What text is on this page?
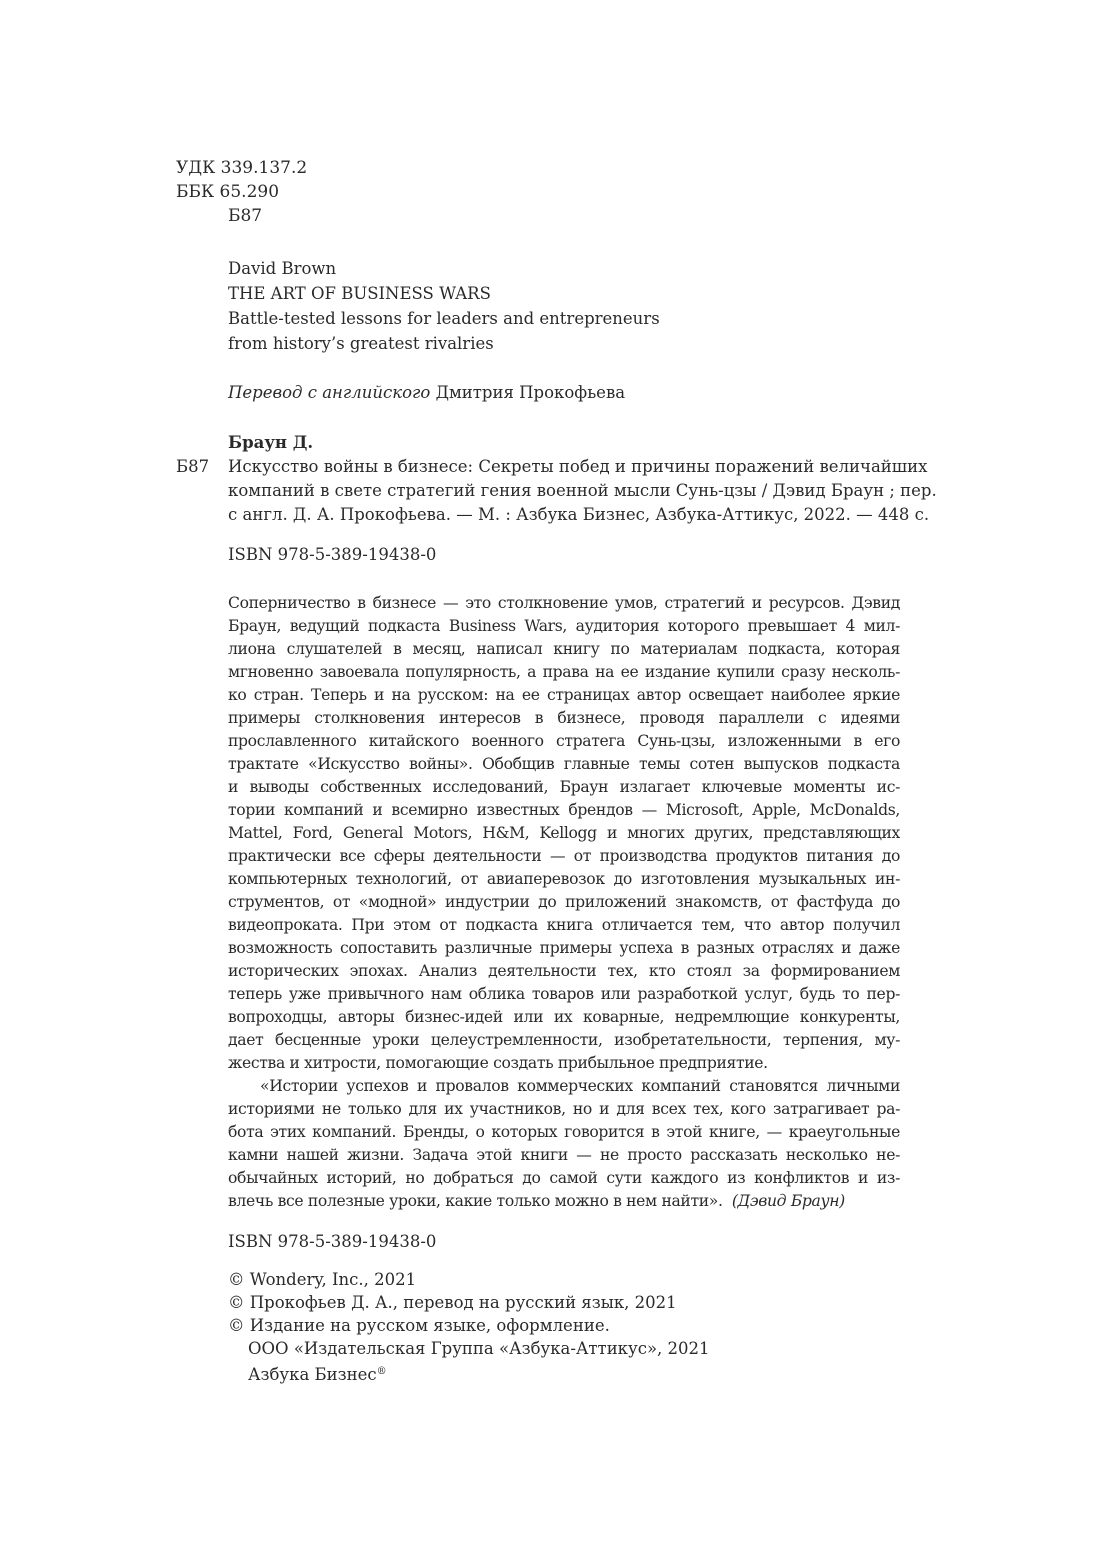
УДК 339.137.2
ББК 65.290
Б87
David Brown
THE ART OF BUSINESS WARS
Battle-tested lessons for leaders and entrepreneurs
from history’s greatest rivalries
Перевод с английского Дмитрия Прокофьева
Браун Д.
Б87	Искусство войны в бизнесе: Секреты побед и причины поражений величайших
компаний в свете стратегий гения военной мысли Сунь-цзы / Дэвид Браун ; пер.
с англ. Д. А. Прокофьева. — М. : Азбука Бизнес, Азбука-Аттикус, 2022. — 448 с.
ISBN 978-5-389-19438-0
Соперничество в бизнесе — это столкновение умов, стратегий и ресурсов. Дэвид
Браун, ведущий подкаста Business Wars, аудитория которого превышает 4 мил-
лиона слушателей в месяц, написал книгу по материалам подкаста, которая
мгновенно завоевала популярность, а права на ее издание купили сразу несколь-
ко стран. Теперь и на русском: на ее страницах автор освещает наиболее яркие
примеры столкновения интересов в бизнесе, проводя параллели с идеями
прославленного китайского военного стратега Сунь-цзы, изложенными в его
трактате «Искусство войны». Обобщив главные темы сотен выпусков подкаста
и выводы собственных исследований, Браун излагает ключевые моменты ис-
тории компаний и всемирно известных брендов — Microsoft, Apple, McDonalds,
Mattel, Ford, General Motors, H&M, Kellogg и многих других, представляющих
практически все сферы деятельности — от производства продуктов питания до
компьютерных технологий, от авиаперевозок до изготовления музыкальных ин-
струментов, от «модной» индустрии до приложений знакомств, от фастфуда до
видеопроката. При этом от подкаста книга отличается тем, что автор получил
возможность сопоставить различные примеры успеха в разных отраслях и даже
исторических эпохах. Анализ деятельности тех, кто стоял за формированием
теперь уже привычного нам облика товаров или разработкой услуг, будь то пер-
вопроходцы, авторы бизнес-идей или их коварные, недремлющие конкуренты,
дает бесценные уроки целеустремленности, изобретательности, терпения, му-
жества и хитрости, помогающие создать прибыльное предприятие.
«Истории успехов и провалов коммерческих компаний становятся личными
историями не только для их участников, но и для всех тех, кого затрагивает ра-
бота этих компаний. Бренды, о которых говорится в этой книге, — краеугольные
камни нашей жизни. Задача этой книги — не просто рассказать несколько не-
обычайных историй, но добраться до самой сути каждого из конфликтов и из-
влечь все полезные уроки, какие только можно в нем найти».  (Дэвид Браун)
ISBN 978-5-389-19438-0
© Wondery, Inc., 2021
© Прокофьев Д. А., перевод на русский язык, 2021
© Издание на русском языке, оформление.
ООО «Издательская Группа «Азбука-Аттикус», 2021
Азбука Бизнес®
